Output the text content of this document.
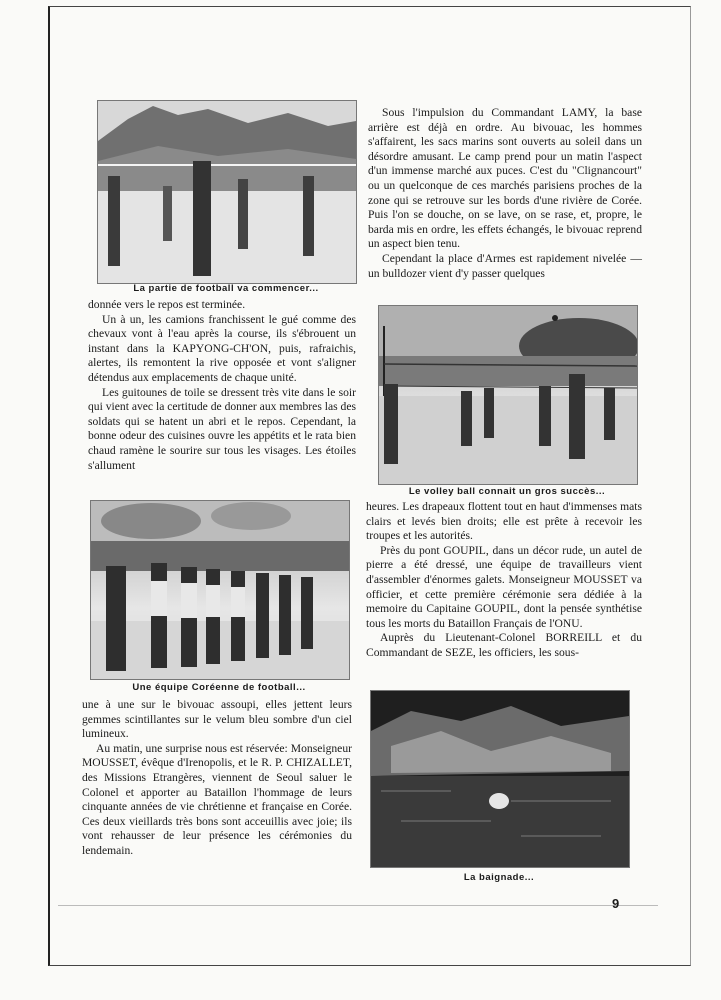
La partie de football va commencer...

donnée vers le repos est terminée.

Un à un, les camions franchissent le gué comme des chevaux vont à l'eau après la course, ils s'ébrouent un instant dans la KAPYONG-CH'ON, puis, rafraichis, alertes, ils remontent la rive opposée et vont s'aligner détendus aux emplacements de chaque unité.

Les guitounes de toile se dressent très vite dans le soir qui vient avec la certitude de donner aux membres las des soldats qui se hatent un abri et le repos. Cependant, la bonne odeur des cuisines ouvre les appétits et le rata bien chaud ramène le sourire sur tous les visages. Les étoiles s'allument

Une équipe Coréenne de football...

une à une sur le bivouac assoupi, elles jettent leurs gemmes scintillantes sur le velum bleu sombre d'un ciel lumineux.

Au matin, une surprise nous est réservée: Monseigneur MOUSSET, évêque d'Irenopolis, et le R. P. CHIZALLET, des Missions Etrangères, viennent de Seoul saluer le Colonel et apporter au Bataillon l'hommage de leurs cinquante années de vie chrétienne et française en Corée. Ces deux vieillards très bons sont acceuillis avec joie; ils vont rehausser de leur présence les cérémonies du lendemain.

Sous l'impulsion du Commandant LAMY, la base arrière est déjà en ordre. Au bivouac, les hommes s'affairent, les sacs marins sont ouverts au soleil dans un désordre amusant. Le camp prend pour un matin l'aspect d'un immense marché aux puces. C'est du "Clignancourt" ou un quelconque de ces marchés parisiens proches de la zone qui se retrouve sur les bords d'une rivière de Corée. Puis l'on se douche, on se lave, on se rase, et, propre, le barda mis en ordre, les effets échangés, le bivouac reprend un aspect bien tenu.

Cependant la place d'Armes est rapidement nivelée — un bulldozer vient d'y passer quelques

Le volley ball connait un gros succès...

heures. Les drapeaux flottent tout en haut d'immenses mats clairs et levés bien droits; elle est prête à recevoir les troupes et les autorités.

Près du pont GOUPIL, dans un décor rude, un autel de pierre a été dressé, une équipe de travailleurs vient d'assembler d'énormes galets. Monseigneur MOUSSET va officier, et cette première cérémonie sera dédiée à la memoire du Capitaine GOUPIL, dont la pensée synthétise tous les morts du Bataillon Français de l'ONU.

Auprès du Lieutenant-Colonel BORREILL et du Commandant de SEZE, les officiers, les sous-

La baignade...
9
